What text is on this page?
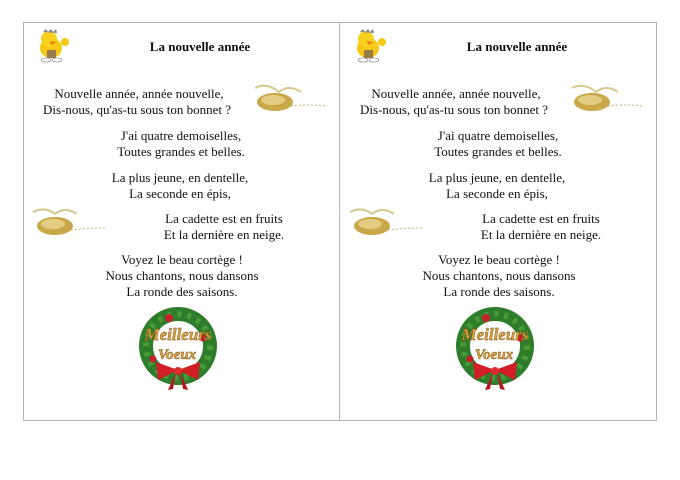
La nouvelle année
Nouvelle année, année nouvelle,
Dis-nous, qu'as-tu sous ton bonnet ?
J'ai quatre demoiselles,
Toutes grandes et belles.
La plus jeune, en dentelle,
La seconde en épis,
La cadette est en fruits
Et la dernière en neige.
Voyez le beau cortège !
Nous chantons, nous dansons
La ronde des saisons.
Meilleurs
Voeux
La nouvelle année
Nouvelle année, année nouvelle,
Dis-nous, qu'as-tu sous ton bonnet ?
J'ai quatre demoiselles,
Toutes grandes et belles.
La plus jeune, en dentelle,
La seconde en épis,
La cadette est en fruits
Et la dernière en neige.
Voyez le beau cortège !
Nous chantons, nous dansons
La ronde des saisons.
Meilleurs
Voeux
